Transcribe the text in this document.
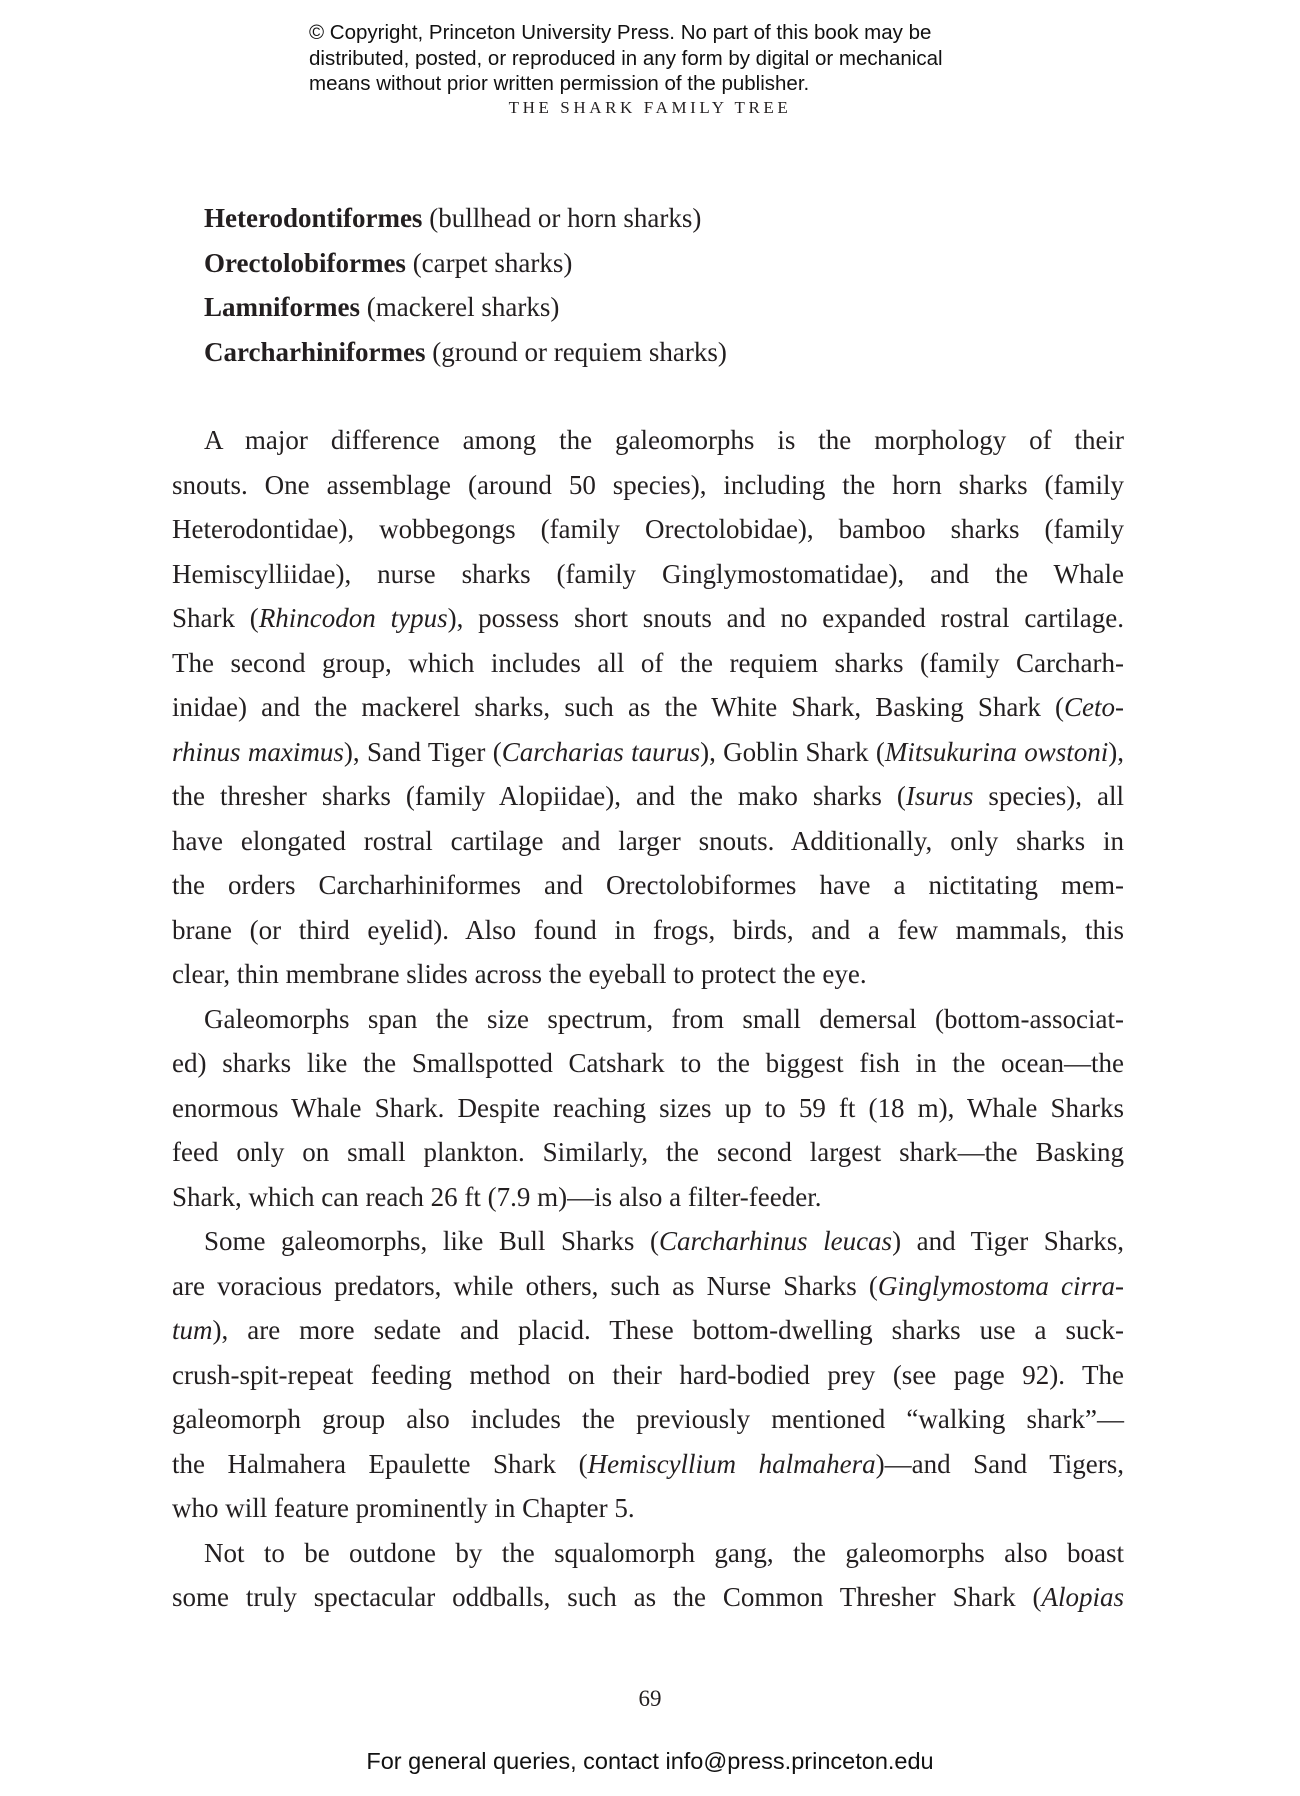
© Copyright, Princeton University Press. No part of this book may be
distributed, posted, or reproduced in any form by digital or mechanical
means without prior written permission of the publisher.
THE SHARK FAMILY TREE
Heterodontiformes (bullhead or horn sharks)
Orectolobiformes (carpet sharks)
Lamniformes (mackerel sharks)
Carcharhiniformes (ground or requiem sharks)
A major difference among the galeomorphs is the morphology of their
snouts. One assemblage (around 50 species), including the horn sharks (family
Heterodontidae), wobbegongs (family Orectolobidae), bamboo sharks (family
Hemiscylliidae), nurse sharks (family Ginglymostomatidae), and the Whale
Shark (Rhincodon typus), possess short snouts and no expanded rostral cartilage.
The second group, which includes all of the requiem sharks (family Carcharh-
inidae) and the mackerel sharks, such as the White Shark, Basking Shark (Ceto-
rhinus maximus), Sand Tiger (Carcharias taurus), Goblin Shark (Mitsukurina owstoni),
the thresher sharks (family Alopiidae), and the mako sharks (Isurus species), all
have elongated rostral cartilage and larger snouts. Additionally, only sharks in
the orders Carcharhiniformes and Orectolobiformes have a nictitating mem-
brane (or third eyelid). Also found in frogs, birds, and a few mammals, this
clear, thin membrane slides across the eyeball to protect the eye.
Galeomorphs span the size spectrum, from small demersal (bottom-associat-
ed) sharks like the Smallspotted Catshark to the biggest fish in the ocean—the
enormous Whale Shark. Despite reaching sizes up to 59 ft (18 m), Whale Sharks
feed only on small plankton. Similarly, the second largest shark—the Basking
Shark, which can reach 26 ft (7.9 m)—is also a filter-feeder.
Some galeomorphs, like Bull Sharks (Carcharhinus leucas) and Tiger Sharks,
are voracious predators, while others, such as Nurse Sharks (Ginglymostoma cirra-
tum), are more sedate and placid. These bottom-dwelling sharks use a suck-
crush-spit-repeat feeding method on their hard-bodied prey (see page 92). The
galeomorph group also includes the previously mentioned “walking shark”—
the Halmahera Epaulette Shark (Hemiscyllium halmahera)—and Sand Tigers,
who will feature prominently in Chapter 5.
Not to be outdone by the squalomorph gang, the galeomorphs also boast
some truly spectacular oddballs, such as the Common Thresher Shark (Alopias
69
For general queries, contact info@press.princeton.edu
